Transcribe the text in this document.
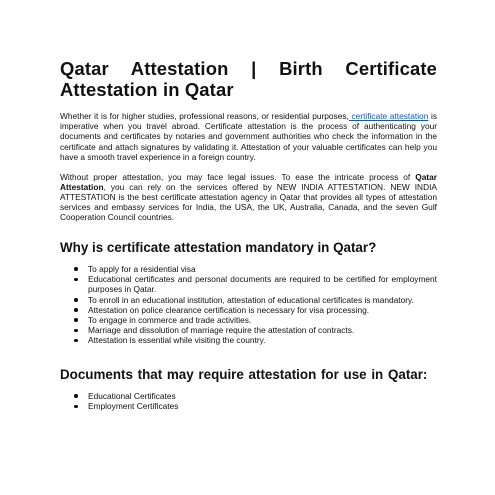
Qatar Attestation | Birth Certificate Attestation in Qatar

Whether it is for higher studies, professional reasons, or residential purposes, certificate attestation is imperative when you travel abroad. Certificate attestation is the process of authenticating your documents and certificates by notaries and government authorities who check the information in the certificate and attach signatures by validating it. Attestation of your valuable certificates can help you have a smooth travel experience in a foreign country.

Without proper attestation, you may face legal issues. To ease the intricate process of Qatar Attestation, you can rely on the services offered by NEW INDIA ATTESTATION. NEW INDIA ATTESTATION is the best certificate attestation agency in Qatar that provides all types of attestation services and embassy services for India, the USA, the UK, Australia, Canada, and the seven Gulf Cooperation Council countries.

Why is certificate attestation mandatory in Qatar?
To apply for a residential visa
Educational certificates and personal documents are required to be certified for employment purposes in Qatar.
To enroll in an educational institution, attestation of educational certificates is mandatory.
Attestation on police clearance certification is necessary for visa processing.
To engage in commerce and trade activities.
Marriage and dissolution of marriage require the attestation of contracts.
Attestation is essential while visiting the country.
Documents that may require attestation for use in Qatar:
Educational Certificates
Employment Certificates
